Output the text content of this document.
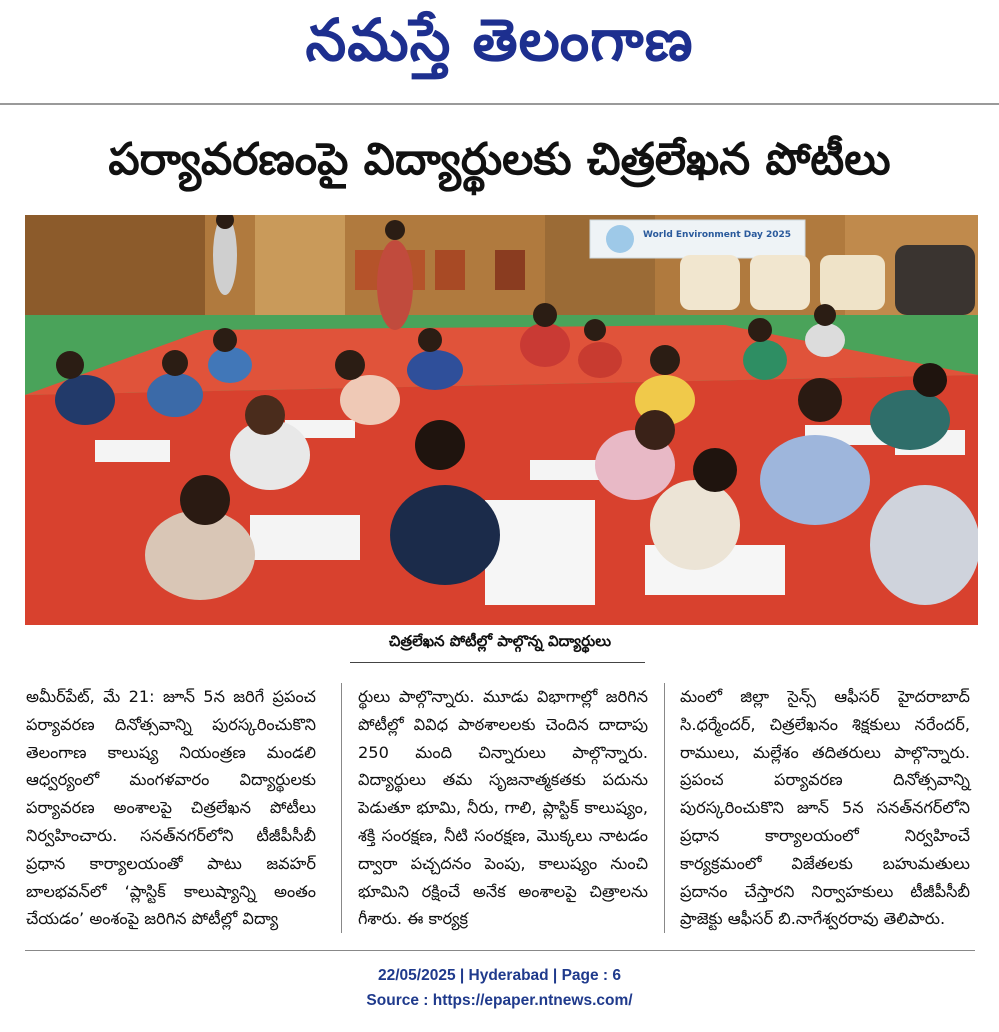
నమస్తే తెలంగాణ
పర్యావరణంపై విద్యార్థులకు చిత్రలేఖన పోటీలు
World Environment Day 2025
చిత్రలేఖన పోటీల్లో పాల్గొన్న విద్యార్థులు
అమీర్‌పేట్, మే 21: జూన్ 5న జరిగే ప్రపంచ పర్యావరణ దినోత్సవాన్ని పురస్కరించుకొని తెలంగాణ కాలుష్య నియంత్రణ మండలి ఆధ్వర్యంలో మంగళవారం విద్యార్థులకు పర్యావరణ అంశాలపై చిత్రలేఖన పోటీలు నిర్వహించారు. సనత్‌నగర్‌లోని టీజీపీసీబీ ప్రధాన కార్యాలయంతో పాటు జవహర్ బాలభవన్‌లో ‘ప్లాస్టిక్ కాలుష్యాన్ని అంతం చేయడం’ అంశంపై జరిగిన పోటీల్లో విద్యా
ర్థులు పాల్గొన్నారు. మూడు విభాగాల్లో జరిగిన పోటీల్లో వివిధ పాఠశాలలకు చెందిన దాదాపు 250 మంది చిన్నారులు పాల్గొన్నారు. విద్యార్థులు తమ సృజనాత్మకతకు పదును పెడుతూ భూమి, నీరు, గాలి, ప్లాస్టిక్ కాలుష్యం, శక్తి సంరక్షణ, నీటి సంరక్షణ, మొక్కలు నాటడం ద్వారా పచ్చదనం పెంపు, కాలుష్యం నుంచి భూమిని రక్షించే అనేక అంశాలపై చిత్రాలను గీశారు. ఈ కార్యక్ర
మంలో జిల్లా సైన్స్ ఆఫీసర్ హైదరాబాద్ సి.ధర్మేందర్, చిత్రలేఖనం శిక్షకులు నరేందర్, రాములు, మల్లేశం తదితరులు పాల్గొన్నారు. ప్రపంచ పర్యావరణ దినోత్సవాన్ని పురస్కరించుకొని జూన్ 5న సనత్‌నగర్‌లోని ప్రధాన కార్యాలయంలో నిర్వహించే కార్యక్రమంలో విజేతలకు బహుమతులు ప్రదానం చేస్తారని నిర్వాహకులు టీజీపీసీబీ ప్రాజెక్టు ఆఫీసర్ బి.నాగేశ్వరరావు తెలిపారు.
22/05/2025 | Hyderabad | Page : 6
Source : https://epaper.ntnews.com/
